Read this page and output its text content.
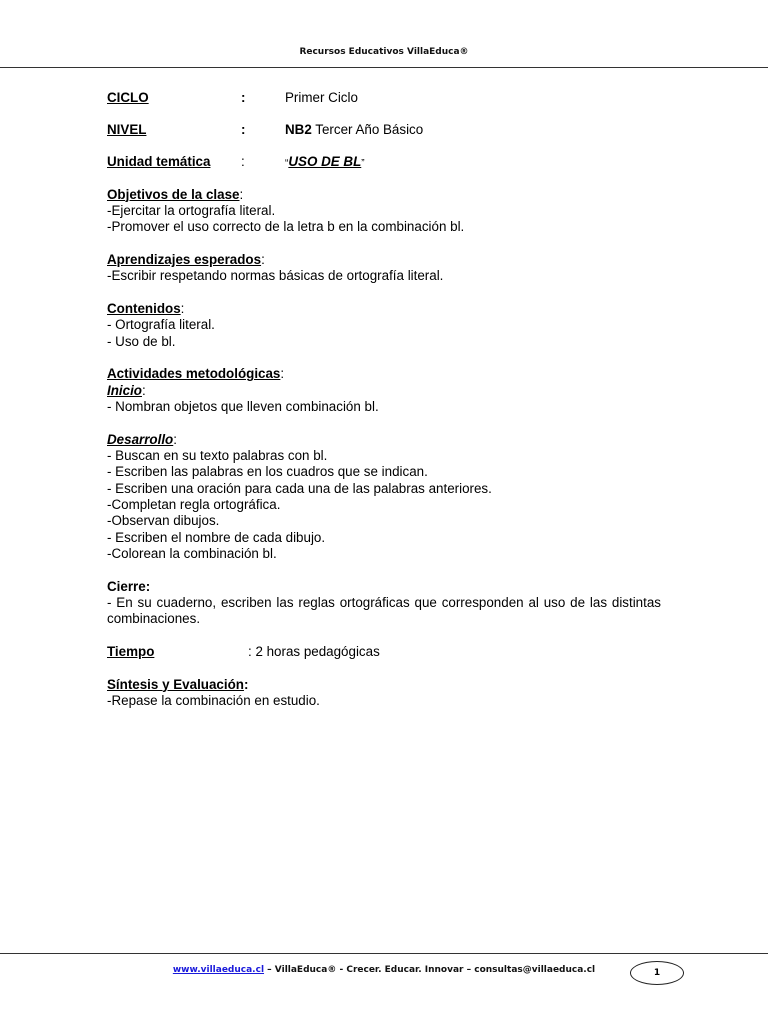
Recursos Educativos VillaEduca®
CICLO	:	Primer Ciclo
NIVEL	:	NB2 Tercer Año Básico
Unidad temática :	“USO DE BL”
Objetivos de la clase:
-Ejercitar la ortografía literal.
-Promover el uso correcto de la letra b en la combinación bl.
Aprendizajes esperados:
-Escribir respetando normas básicas de ortografía literal.
Contenidos:
- Ortografía literal.
- Uso de bl.
Actividades metodológicas:
Inicio:
- Nombran objetos que lleven combinación bl.
Desarrollo:
- Buscan en su texto palabras con bl.
- Escriben las palabras en los cuadros que se indican.
- Escriben una oración para cada una de las palabras anteriores.
-Completan regla ortográfica.
-Observan dibujos.
- Escriben el nombre de cada dibujo.
-Colorean la combinación bl.
Cierre:
- En su cuaderno, escriben las reglas ortográficas que corresponden al uso de las distintas combinaciones.
Tiempo	: 2 horas pedagógicas
Síntesis y Evaluación:
-Repase la combinación en estudio.
www.villaeduca.cl – VillaEduca® - Crecer. Educar. Innovar – consultas@villaeduca.cl	1
